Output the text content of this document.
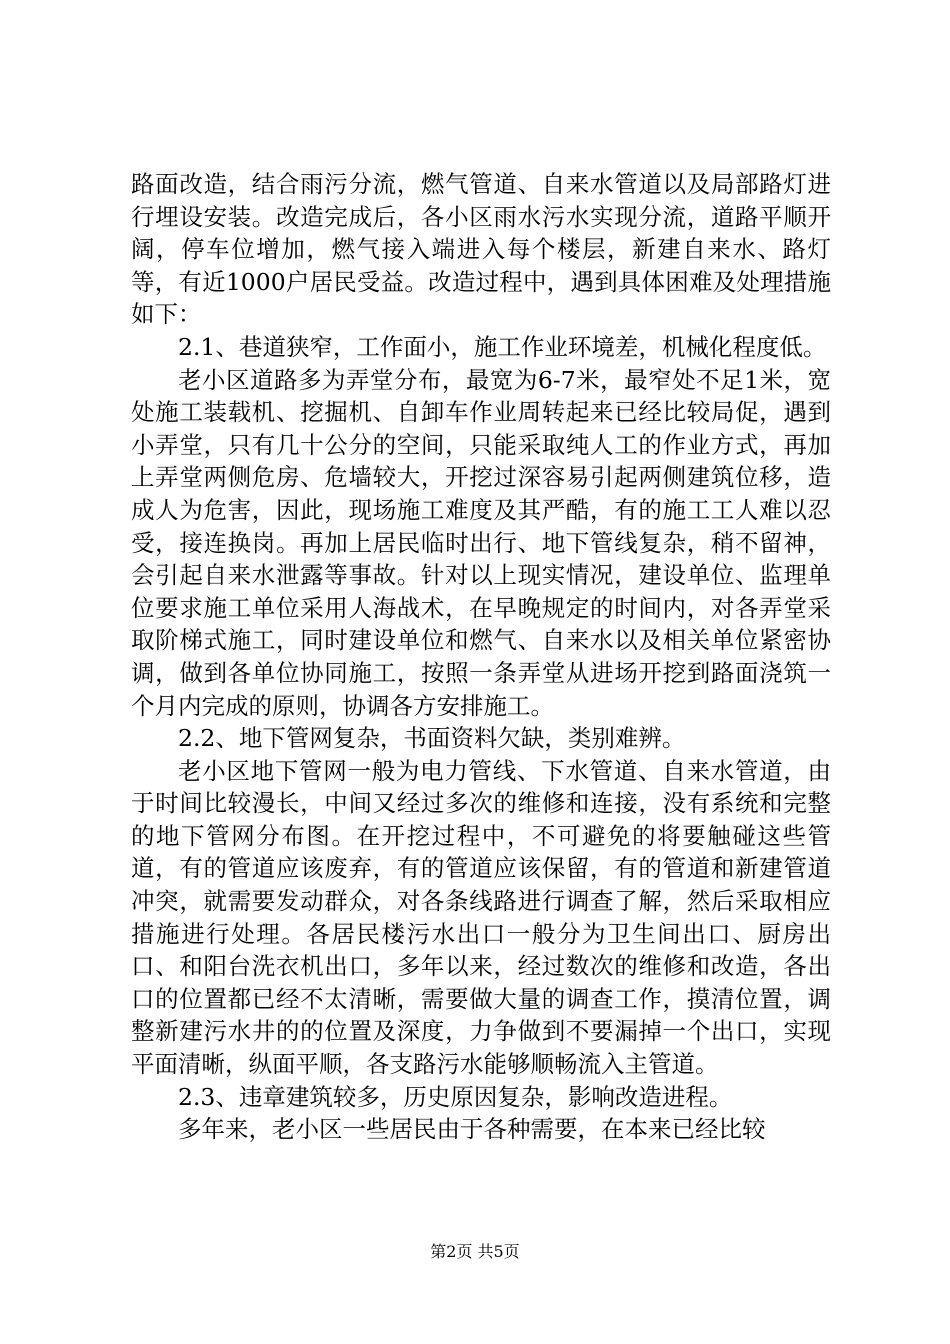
路面改造，结合雨污分流，燃气管道、自来水管道以及局部路灯进行埋设安装。改造完成后，各小区雨水污水实现分流，道路平顺开阔，停车位增加，燃气接入端进入每个楼层，新建自来水、路灯等，有近1000户居民受益。改造过程中，遇到具体困难及处理措施如下：

2.1、巷道狭窄，工作面小，施工作业环境差，机械化程度低。

老小区道路多为弄堂分布，最宽为6-7米，最窄处不足1米，宽处施工装载机、挖掘机、自卸车作业周转起来已经比较局促，遇到小弄堂，只有几十公分的空间，只能采取纯人工的作业方式，再加上弄堂两侧危房、危墙较大，开挖过深容易引起两侧建筑位移，造成人为危害，因此，现场施工难度及其严酷，有的施工工人难以忍受，接连换岗。再加上居民临时出行、地下管线复杂，稍不留神，会引起自来水泄露等事故。针对以上现实情况，建设单位、监理单位要求施工单位采用人海战术，在早晚规定的时间内，对各弄堂采取阶梯式施工，同时建设单位和燃气、自来水以及相关单位紧密协调，做到各单位协同施工，按照一条弄堂从进场开挖到路面浇筑一个月内完成的原则，协调各方安排施工。

2.2、地下管网复杂，书面资料欠缺，类别难辨。

老小区地下管网一般为电力管线、下水管道、自来水管道，由于时间比较漫长，中间又经过多次的维修和连接，没有系统和完整的地下管网分布图。在开挖过程中，不可避免的将要触碰这些管道，有的管道应该废弃，有的管道应该保留，有的管道和新建管道冲突，就需要发动群众，对各条线路进行调查了解，然后采取相应措施进行处理。各居民楼污水出口一般分为卫生间出口、厨房出口、和阳台洗衣机出口，多年以来，经过数次的维修和改造，各出口的位置都已经不太清晰，需要做大量的调查工作，摸清位置，调整新建污水井的的位置及深度，力争做到不要漏掉一个出口，实现平面清晰，纵面平顺，各支路污水能够顺畅流入主管道。

2.3、违章建筑较多，历史原因复杂，影响改造进程。

多年来，老小区一些居民由于各种需要，在本来已经比较

第2页 共5页
